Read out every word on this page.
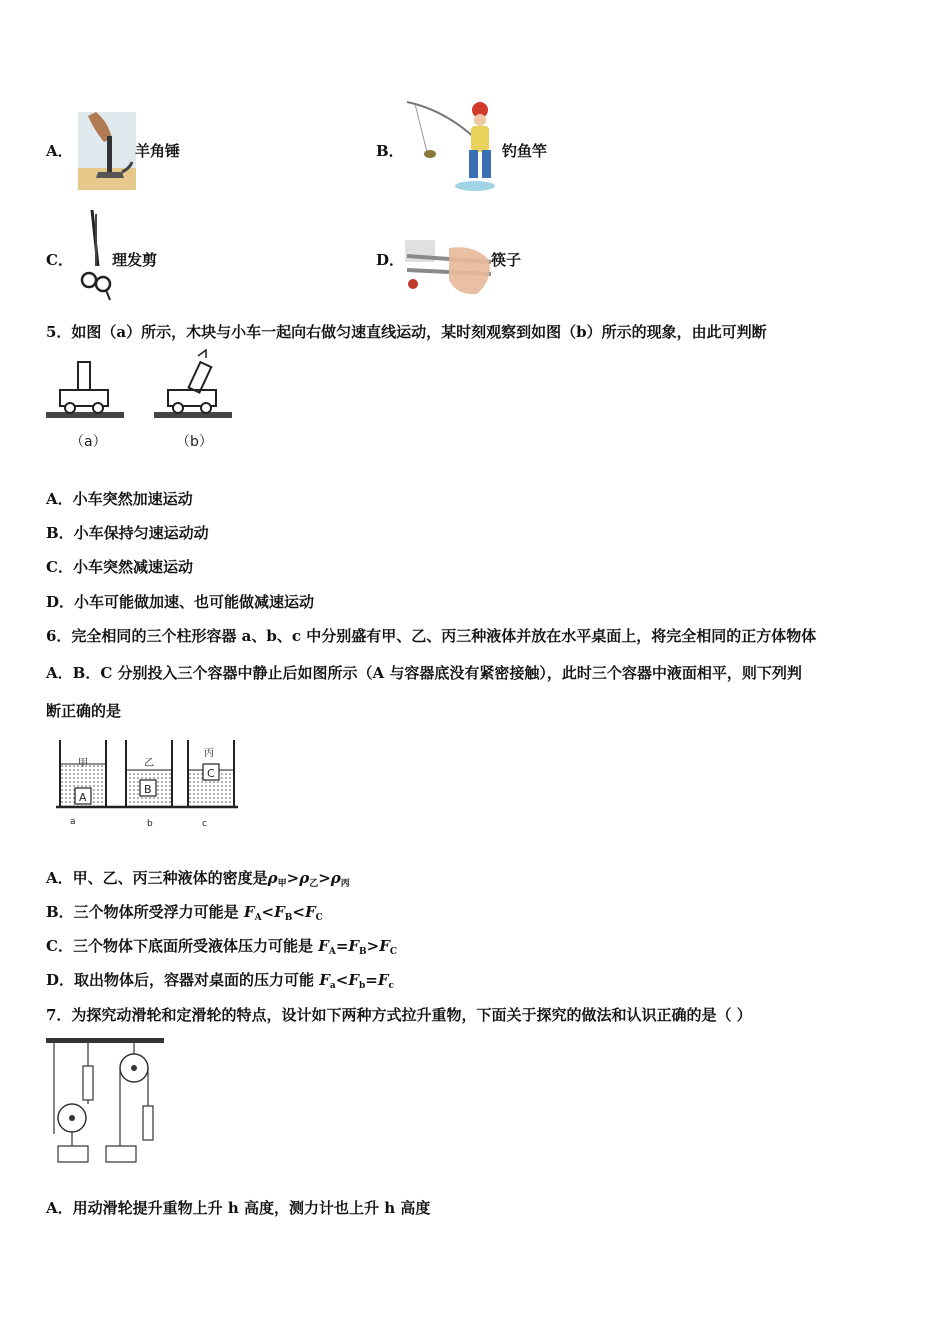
A．	羊角锤	B．	钓鱼竿
C．	理发剪	D．	筷子
5．如图（a）所示，木块与小车一起向右做匀速直线运动，某时刻观察到如图（b）所示的现象，由此可判断
（a）	（b）
A．小车突然加速运动
B．小车保持匀速运动动
C．小车突然减速运动
D．小车可能做加速、也可能做减速运动
6．完全相同的三个柱形容器 a、b、c 中分别盛有甲、乙、丙三种液体并放在水平桌面上，将完全相同的正方体物体
A．B．C 分别投入三个容器中静止后如图所示（A 与容器底没有紧密接触），此时三个容器中液面相平，则下列判
断正确的是
甲	乙
丙
A
B
C
a	b	c
A．甲、乙、丙三种液体的密度是$\rho_甲>\rho_乙>\rho_丙$
B．三个物体所受浮力可能是 $F_A<F_B<F_C$
C．三个物体下底面所受液体压力可能是 $F_A=F_B>F_C$
D．取出物体后，容器对桌面的压力可能 $F_a<F_b=F_c$
7．为探究动滑轮和定滑轮的特点，设计如下两种方式拉升重物，下面关于探究的做法和认识正确的是（ ）
A．用动滑轮提升重物上升 h 高度，测力计也上升 h 高度
